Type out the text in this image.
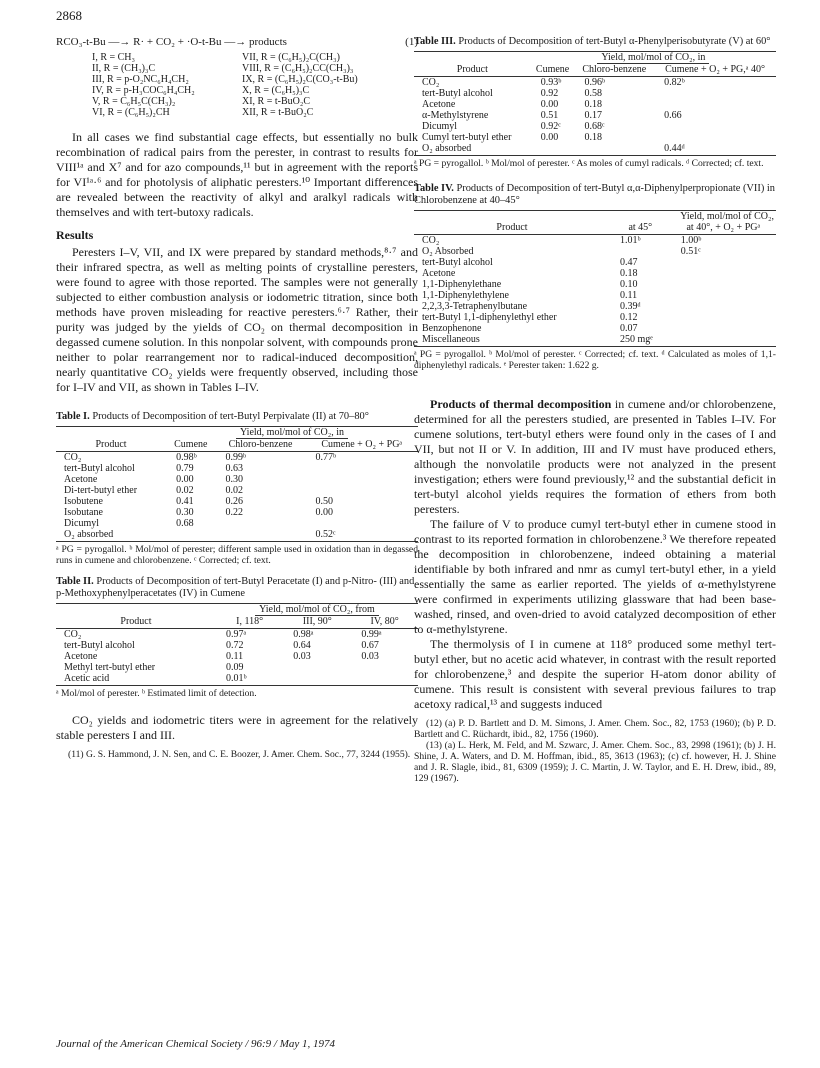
2868
RCO₃-t-Bu —→ R· + CO₂ + ·O-t-Bu —→ products	(1)
I, R = CH₃
II, R = (CH₃)₃C
III, R = p-O₂NC₆H₄CH₂
IV, R = p-H₃COC₆H₄CH₂
V, R = C₆H₅C(CH₃)₂
VI, R = (C₆H₅)₂CH
VII, R = (C₆H₅)₂C(CH₃)
VIII, R = (C₆H₅)₂CC(CH₃)₃
IX, R = (C₆H₅)₂C(CO₃-t-Bu)
X, R = (C₆H₅)₃C
XI, R = t-BuO₂C
XII, R = t-BuO₂C

In all cases we find substantial cage effects, but essentially no bulk recombination of radical pairs from the perester, in contrast to results for VIII¹ᵃ and X⁷ and for azo compounds,¹¹ but in agreement with the reports for VI¹ᵃ·⁶ and for photolysis of aliphatic peresters.¹⁰ Important differences are revealed between the reactivity of alkyl and aralkyl radicals with themselves and with tert-butoxy radicals.

Results

Peresters I–V, VII, and IX were prepared by standard methods,⁸·⁷ and their infrared spectra, as well as melting points of crystalline peresters, were found to agree with those reported. The samples were not generally subjected to either combustion analysis or iodometric titration, since both methods have proven misleading for reactive peresters.⁶·⁷ Rather, their purity was judged by the yields of CO₂ on thermal decomposition in degassed cumene solution. In this nonpolar solvent, with compounds prone neither to polar rearrangement nor to radical-induced decomposition, nearly quantitative CO₂ yields were frequently observed, including those for I–IV and VII, as shown in Tables I–IV.

Table I. Products of Decomposition of tert-Butyl Perpivalate (II) at 70–80°
	Yield, mol/mol of CO₂, in		
Product	Cumene	Chloro-benzene	Cumene + O₂ + PGᵃ
CO₂	0.98ᵇ	0.99ᵇ	0.77ᵇ
tert-Butyl alcohol	0.79	0.63	
Acetone	0.00	0.30	
Di-tert-butyl ether	0.02	0.02	
Isobutene	0.41	0.26	0.50
Isobutane	0.30	0.22	0.00
Dicumyl	0.68		
O₂ absorbed			0.52ᶜ
ᵃ PG = pyrogallol. ᵇ Mol/mol of perester; different sample used in oxidation than in degassed runs in cumene and chlorobenzene. ᶜ Corrected; cf. text.
Table II. Products of Decomposition of tert-Butyl Peracetate (I) and p-Nitro- (III) and p-Methoxyphenylperacetates (IV) in Cumene
	Yield, mol/mol of CO₂, from		
Product	I, 118°	III, 90°	IV, 80°
CO₂	0.97ᵃ	0.98ᵃ	0.99ᵃ
tert-Butyl alcohol	0.72	0.64	0.67
Acetone	0.11	0.03	0.03
Methyl tert-butyl ether	0.09		
Acetic acid	0.01ᵇ		
ᵃ Mol/mol of perester. ᵇ Estimated limit of detection.

CO₂ yields and iodometric titers were in agreement for the relatively stable peresters I and III.

(11) G. S. Hammond, J. N. Sen, and C. E. Boozer, J. Amer. Chem. Soc., 77, 3244 (1955).
Table III. Products of Decomposition of tert-Butyl α-Phenylperisobutyrate (V) at 60°
	Yield, mol/mol of CO₂, in		
Product	Cumene	Chloro-benzene	Cumene + O₂ + PG,ᵃ 40°
CO₂	0.93ᵇ	0.96ᵇ	0.82ᵇ
tert-Butyl alcohol	0.92	0.58	
Acetone	0.00	0.18	
α-Methylstyrene	0.51	0.17	0.66
Dicumyl	0.92ᶜ	0.68ᶜ	
Cumyl tert-butyl ether	0.00	0.18	
O₂ absorbed			0.44ᵈ
ᵃ PG = pyrogallol. ᵇ Mol/mol of perester. ᶜ As moles of cumyl radicals. ᵈ Corrected; cf. text.
Table IV. Products of Decomposition of tert-Butyl α,α-Diphenylperpropionate (VII) in Chlorobenzene at 40–45°
	Yield, mol/mol of CO₂,	
Product	at 45°	at 40°, + O₂ + PGᵃ
CO₂	1.01ᵇ	1.00ᵇ
O₂ Absorbed		0.51ᶜ
tert-Butyl alcohol	0.47	
Acetone	0.18	
1,1-Diphenylethane	0.10	
1,1-Diphenylethylene	0.11	
2,2,3,3-Tetraphenylbutane	0.39ᵈ	
tert-Butyl 1,1-diphenylethyl ether	0.12	
Benzophenone	0.07	
Miscellaneous	250 mgᵉ	
ᵃ PG = pyrogallol. ᵇ Mol/mol of perester. ᶜ Corrected; cf. text. ᵈ Calculated as moles of 1,1-diphenylethyl radicals. ᵉ Perester taken: 1.622 g.

Products of thermal decomposition in cumene and/or chlorobenzene, determined for all the peresters studied, are presented in Tables I–IV. For cumene solutions, tert-butyl ethers were found only in the cases of I and VII, but not II or V. In addition, III and IV must have produced ethers, although the nonvolatile products were not analyzed in the present investigation; ethers were found previously,¹² and the substantial deficit in tert-butyl alcohol yields requires the formation of ethers from both peresters.

The failure of V to produce cumyl tert-butyl ether in cumene stood in contrast to its reported formation in chlorobenzene.³ We therefore repeated the decomposition in chlorobenzene, indeed obtaining a material identifiable by both infrared and nmr as cumyl tert-butyl ether, in a yield essentially the same as earlier reported. The yields of α-methylstyrene were confirmed in experiments utilizing glassware that had been base-washed, rinsed, and oven-dried to avoid catalyzed decomposition of ether to α-methylstyrene.

The thermolysis of I in cumene at 118° produced some methyl tert-butyl ether, but no acetic acid whatever, in contrast with the result reported for chlorobenzene,³ and despite the superior H-atom donor ability of cumene. This result is consistent with several previous failures to trap acetoxy radical,¹³ and suggests induced

(12) (a) P. D. Bartlett and D. M. Simons, J. Amer. Chem. Soc., 82, 1753 (1960); (b) P. D. Bartlett and C. Rüchardt, ibid., 82, 1756 (1960).
(13) (a) L. Herk, M. Feld, and M. Szwarc, J. Amer. Chem. Soc., 83, 2998 (1961); (b) J. H. Shine, J. A. Waters, and D. M. Hoffman, ibid., 85, 3613 (1963); (c) cf. however, H. J. Shine and J. R. Slagle, ibid., 81, 6309 (1959); J. C. Martin, J. W. Taylor, and E. H. Drew, ibid., 89, 129 (1967).
Journal of the American Chemical Society / 96:9 / May 1, 1974
